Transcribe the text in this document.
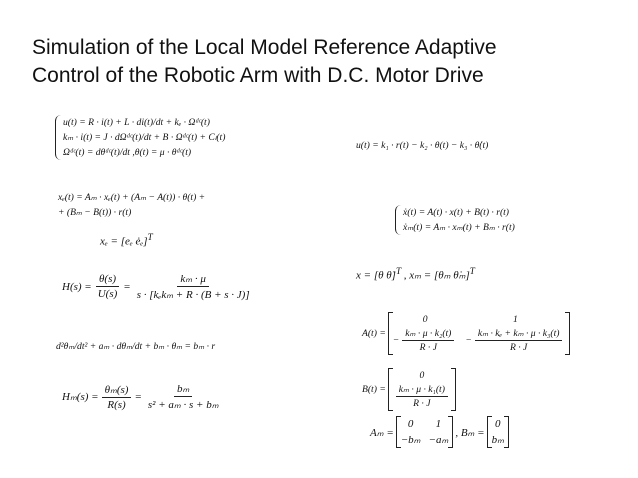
Simulation of the Local Model Reference Adaptive
Control of the Robotic Arm with D.C. Motor Drive
u(t) = R · i(t) + L · di(t)/dt + kₑ · Ωᵈᶜ(t)
kₘ · i(t) = J · dΩᵈᶜ(t)/dt + B · Ωᵈᶜ(t) + Cₗ(t)
Ωᵈᶜ(t) = dθᵈᶜ(t)/dt ,θ(t) = μ · θᵈᶜ(t)
xₑ(t) = Aₘ · xₑ(t) + (Aₘ − A(t)) · θ(t) +
+ (Bₘ − B(t)) · r(t)
xₑ = [eₑ ėₑ]$^T$
$H(s) = \frac{\theta(s)}{U(s)} = \frac{\text{kₘ · μ}}{\text{s · [kₑkₘ + R · (B + s · J)]}}$
d²θₘ/dt² + aₘ · dθₘ/dt + bₘ · θₘ = bₘ · r
$H_m(s) = \frac{\text{θₘ(s)}}{R(s)} = \frac{\text{bₘ}}{\text{s² + aₘ · s + bₘ}}$
u(t) = k₁ · r(t) − k₂ · θ(t) − k₃ · θ̇(t)
ẋ(t) = A(t) · x(t) + B(t) · r(t)
ẋₘ(t) = Aₘ · xₘ(t) + Bₘ · r(t)
x = [θ θ̇]$^T$ , xₘ = [θₘ θ̇ₘ]$^T$
A(t) =
0	1
− $\frac{\text{kₘ · μ · k₂(t)}}{R \cdot J} - \frac{\text{kₘ · kₑ + kₘ · μ · k₃(t)}}{R \cdot J}$
B(t) =
0
$\frac{\text{kₘ · μ · k₁(t)}}{R \cdot J}$
Aₘ =
0	1
−bₘ −aₘ
, Bₘ =
0
bₘ
